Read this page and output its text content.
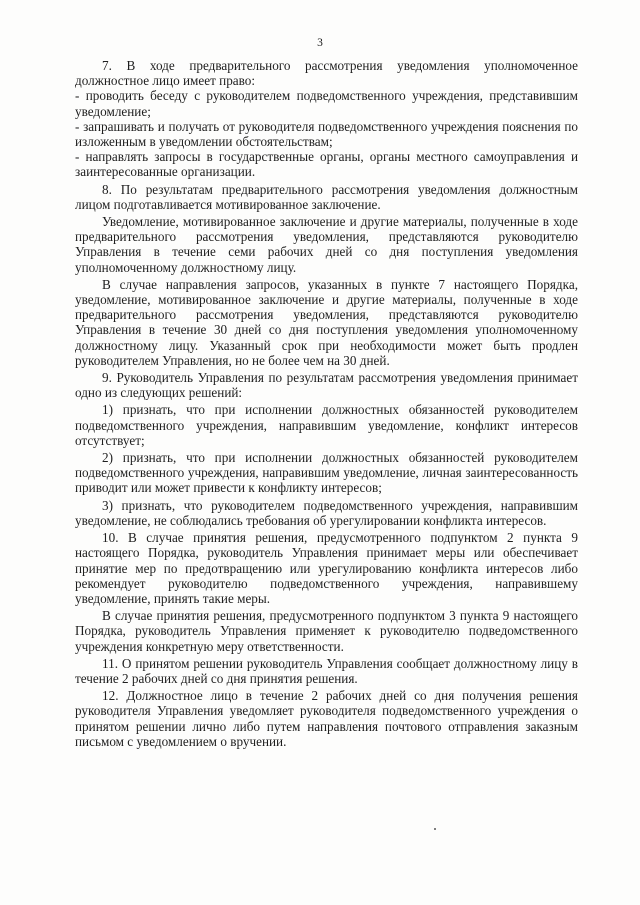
3

7. В ходе предварительного рассмотрения уведомления уполномоченное должностное лицо имеет право:

- проводить беседу с руководителем подведомственного учреждения, представившим уведомление;

- запрашивать и получать от руководителя подведомственного учреждения пояснения по изложенным в уведомлении обстоятельствам;

- направлять запросы в государственные органы, органы местного самоуправления и заинтересованные организации.

8. По результатам предварительного рассмотрения уведомления должностным лицом подготавливается мотивированное заключение.

Уведомление, мотивированное заключение и другие материалы, полученные в ходе предварительного рассмотрения уведомления, представляются руководителю Управления в течение семи рабочих дней со дня поступления уведомления уполномоченному должностному лицу.

В случае направления запросов, указанных в пункте 7 настоящего Порядка, уведомление, мотивированное заключение и другие материалы, полученные в ходе предварительного рассмотрения уведомления, представляются руководителю Управления в течение 30 дней со дня поступления уведомления уполномоченному должностному лицу. Указанный срок при необходимости может быть продлен руководителем Управления, но не более чем на 30 дней.

9. Руководитель Управления по результатам рассмотрения уведомления принимает одно из следующих решений:

1) признать, что при исполнении должностных обязанностей руководителем подведомственного учреждения, направившим уведомление, конфликт интересов отсутствует;

2) признать, что при исполнении должностных обязанностей руководителем подведомственного учреждения, направившим уведомление, личная заинтересованность приводит или может привести к конфликту интересов;

3) признать, что руководителем подведомственного учреждения, направившим уведомление, не соблюдались требования об урегулировании конфликта интересов.

10. В случае принятия решения, предусмотренного подпунктом 2 пункта 9 настоящего Порядка, руководитель Управления принимает меры или обеспечивает принятие мер по предотвращению или урегулированию конфликта интересов либо рекомендует руководителю подведомственного учреждения, направившему уведомление, принять такие меры.

В случае принятия решения, предусмотренного подпунктом 3 пункта 9 настоящего Порядка, руководитель Управления применяет к руководителю подведомственного учреждения конкретную меру ответственности.

11. О принятом решении руководитель Управления сообщает должностному лицу в течение 2 рабочих дней со дня принятия решения.

12. Должностное лицо в течение 2 рабочих дней со дня получения решения руководителя Управления уведомляет руководителя подведомственного учреждения о принятом решении лично либо путем направления почтового отправления заказным письмом с уведомлением о вручении.
